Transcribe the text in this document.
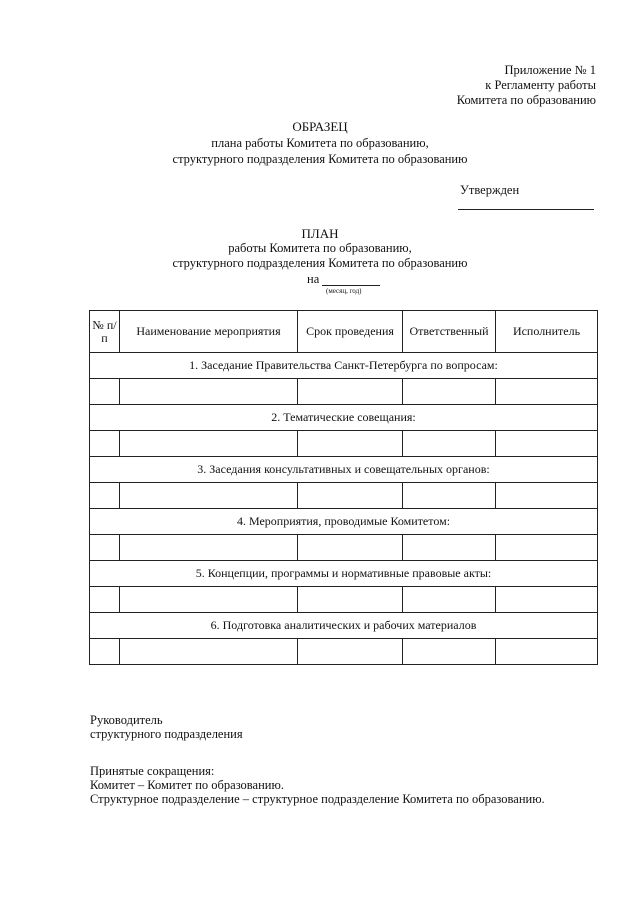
Приложение № 1
к Регламенту работы
Комитета по образованию
ОБРАЗЕЦ
плана работы Комитета по образованию,
структурного подразделения Комитета по образованию
Утвержден
ПЛАН
работы Комитета по образованию,
структурного подразделения Комитета по образованию
на
(месяц, год)
№ п/п	Наименование мероприятия	Срок проведения	Ответственный	Исполнитель
1. Заседание Правительства Санкт-Петербурга по вопросам:				

2. Тематические совещания:				

3. Заседания консультативных и совещательных органов:				

4. Мероприятия, проводимые Комитетом:				

5. Концепции, программы и нормативные правовые акты:				

6. Подготовка аналитических и рабочих материалов				

Руководитель
структурного подразделения
Принятые сокращения:
Комитет – Комитет по образованию.
Структурное подразделение – структурное подразделение Комитета по образованию.
